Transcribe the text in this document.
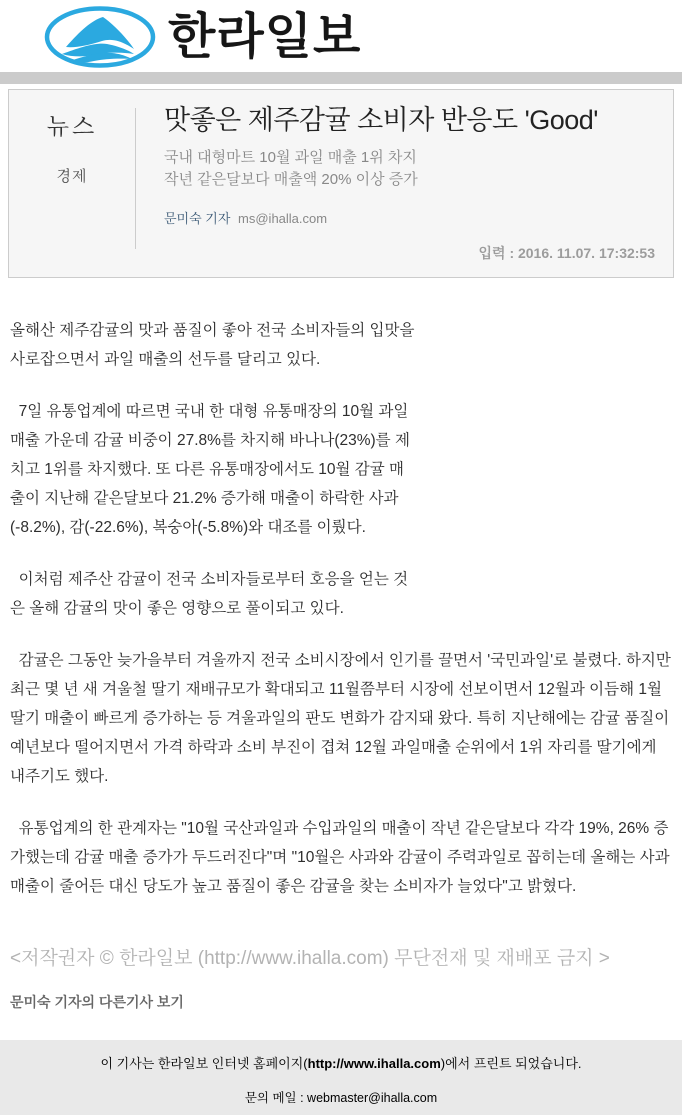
한라일보
뉴스
경제
맛좋은 제주감귤 소비자 반응도 'Good'

국내 대형마트 10월 과일 매출 1위 차지

작년 같은달보다 매출액 20% 이상 증가

문미숙 기자 ms@ihalla.com

입력 : 2016. 11.07. 17:32:53

올해산 제주감귤의 맛과 품질이 좋아 전국 소비자들의 입맛을 사로잡으면서 과일 매출의 선두를 달리고 있다.

7일 유통업계에 따르면 국내 한 대형 유통매장의 10월 과일매출 가운데 감귤 비중이 27.8%를 차지해 바나나(23%)를 제치고 1위를 차지했다. 또 다른 유통매장에서도 10월 감귤 매출이 지난해 같은달보다 21.2% 증가해 매출이 하락한 사과(-8.2%), 감(-22.6%), 복숭아(-5.8%)와 대조를 이뤘다.

이처럼 제주산 감귤이 전국 소비자들로부터 호응을 얻는 것은 올해 감귤의 맛이 좋은 영향으로 풀이되고 있다.

감귤은 그동안 늦가을부터 겨울까지 전국 소비시장에서 인기를 끌면서 '국민과일'로 불렸다. 하지만 최근 몇 년 새 겨울철 딸기 재배규모가 확대되고 11월쯤부터 시장에 선보이면서 12월과 이듬해 1월 딸기 매출이 빠르게 증가하는 등 겨울과일의 판도 변화가 감지돼 왔다. 특히 지난해에는 감귤 품질이 예년보다 떨어지면서 가격 하락과 소비 부진이 겹쳐 12월 과일매출 순위에서 1위 자리를 딸기에게 내주기도 했다.

유통업계의 한 관계자는 "10월 국산과일과 수입과일의 매출이 작년 같은달보다 각각 19%, 26% 증가했는데 감귤 매출 증가가 두드러진다"며 "10월은 사과와 감귤이 주력과일로 꼽히는데 올해는 사과 매출이 줄어든 대신 당도가 높고 품질이 좋은 감귤을 찾는 소비자가 늘었다"고 밝혔다.

<저작권자 © 한라일보 (http://www.ihalla.com) 무단전재 및 재배포 금지 >

문미숙 기자의 다른기사 보기

이 기사는 한라일보 인터넷 홈페이지(http://www.ihalla.com)에서 프린트 되었습니다.

문의 메일 : webmaster@ihalla.com
